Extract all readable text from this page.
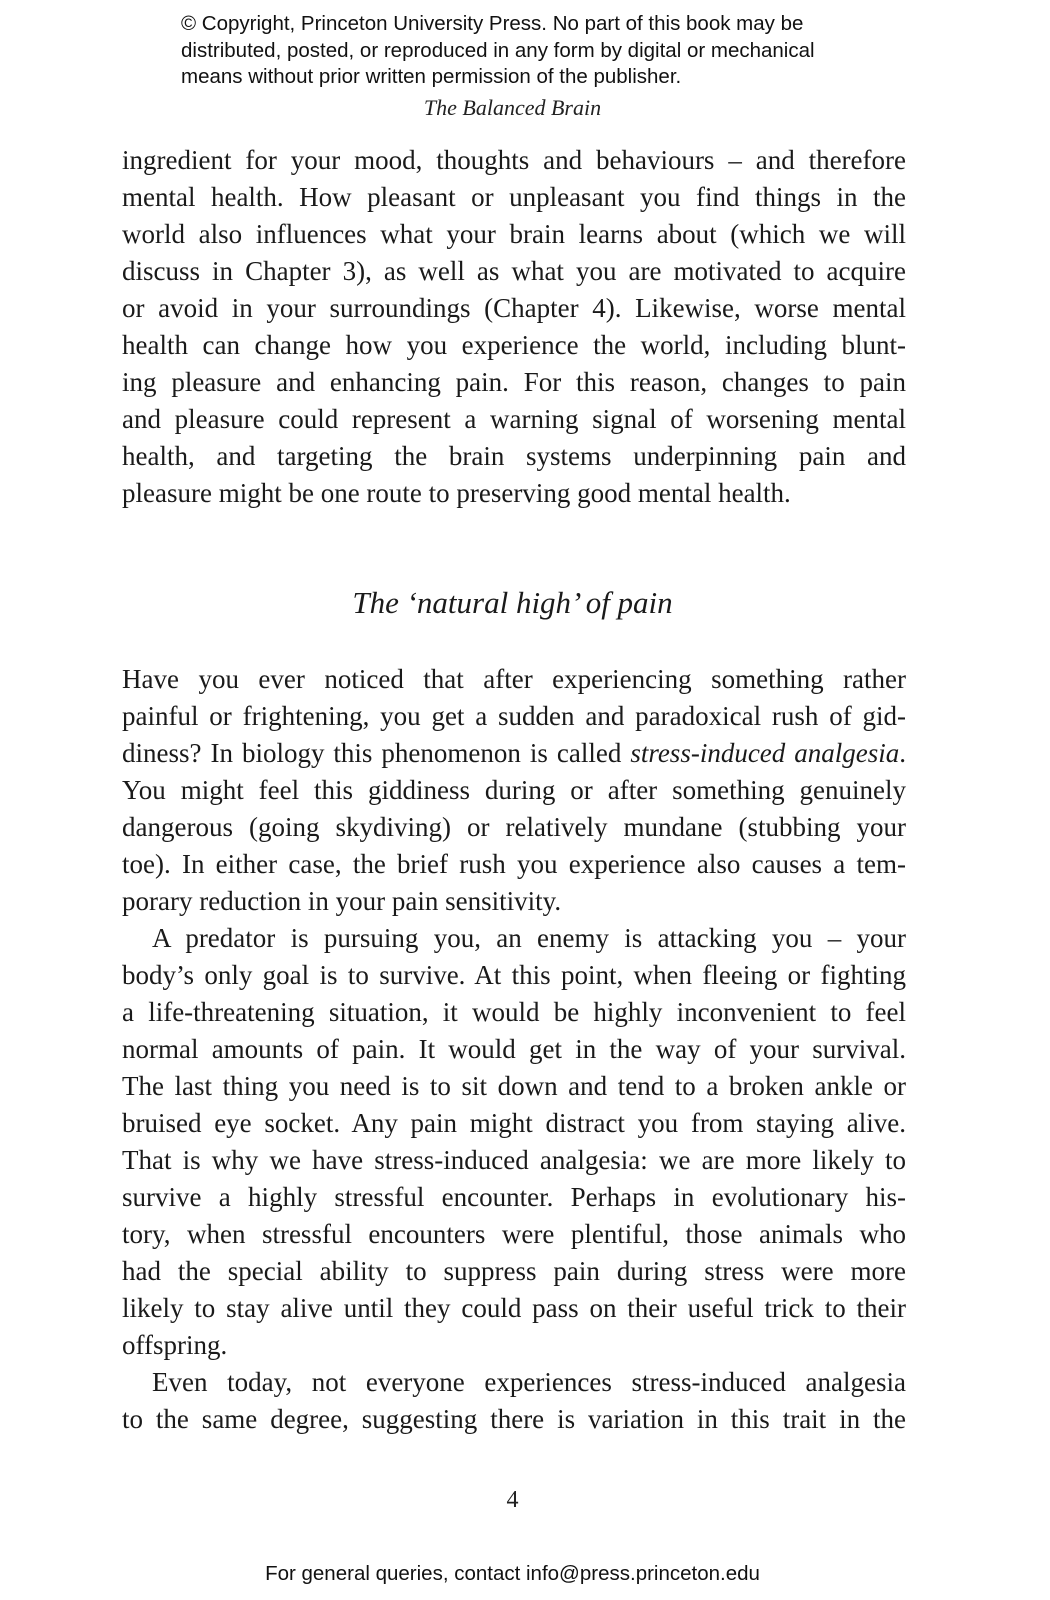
© Copyright, Princeton University Press. No part of this book may be
distributed, posted, or reproduced in any form by digital or mechanical
means without prior written permission of the publisher.
The Balanced Brain
ingredient for your mood, thoughts and behaviours – and therefore
mental health. How pleasant or unpleasant you find things in the
world also influences what your brain learns about (which we will
discuss in Chapter 3), as well as what you are motivated to acquire
or avoid in your surroundings (Chapter 4). Likewise, worse mental
health can change how you experience the world, including blunt-
ing pleasure and enhancing pain. For this reason, changes to pain
and pleasure could represent a warning signal of worsening mental
health, and targeting the brain systems underpinning pain and
pleasure might be one route to preserving good mental health.
The ‘natural high’ of pain
Have you ever noticed that after experiencing something rather
painful or frightening, you get a sudden and paradoxical rush of gid-
diness? In biology this phenomenon is called stress-induced analgesia.
You might feel this giddiness during or after something genuinely
dangerous (going skydiving) or relatively mundane (stubbing your
toe). In either case, the brief rush you experience also causes a tem-
porary reduction in your pain sensitivity.
A predator is pursuing you, an enemy is attacking you – your
body’s only goal is to survive. At this point, when fleeing or fighting
a life-threatening situation, it would be highly inconvenient to feel
normal amounts of pain. It would get in the way of your survival.
The last thing you need is to sit down and tend to a broken ankle or
bruised eye socket. Any pain might distract you from staying alive.
That is why we have stress-induced analgesia: we are more likely to
survive a highly stressful encounter. Perhaps in evolutionary his-
tory, when stressful encounters were plentiful, those animals who
had the special ability to suppress pain during stress were more
likely to stay alive until they could pass on their useful trick to their
offspring.
Even today, not everyone experiences stress-induced analgesia
to the same degree, suggesting there is variation in this trait in the
4
For general queries, contact info@press.princeton.edu
